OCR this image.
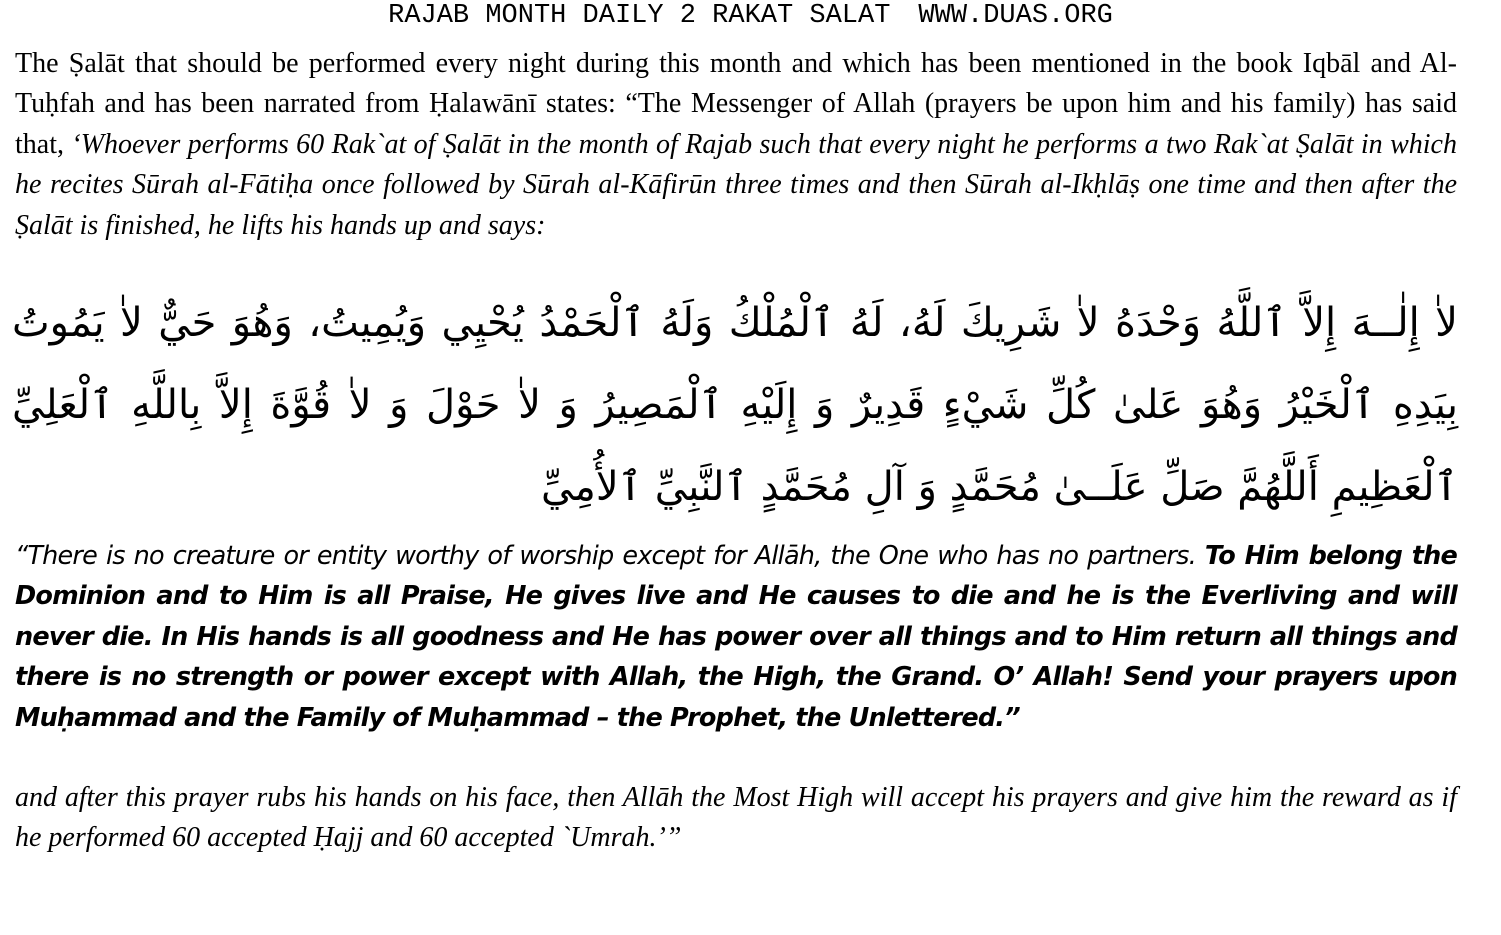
RAJAB MONTH DAILY 2 RAKAT SALAT WWW.DUAS.ORG
The Ṣalāt that should be performed every night during this month and which has been mentioned in the book Iqbāl and Al-Tuḥfah and has been narrated from Ḥalawānī states: “The Messenger of Allah (prayers be upon him and his family) has said that, ‘Whoever performs 60 Rak`at of Ṣalāt in the month of Rajab such that every night he performs a two Rak`at Ṣalāt in which he recites Sūrah al-Fātiḥa once followed by Sūrah al-Kāfirūn three times and then Sūrah al-Ikḥlāṣ one time and then after the Ṣalāt is finished, he lifts his hands up and says:
لاٰ إِلٰــهَ إِلاَّ ٱللَّهُ وَحْدَهُ لاٰ شَرِيكَ لَهُ، لَهُ ٱلْمُلْكُ وَلَهُ ٱلْحَمْدُ يُحْيِي وَيُمِيتُ، وَهُوَ حَيٌّ لاٰ يَمُوتُ بِيَدِهِ ٱلْخَيْرُ وَهُوَ عَلىٰ كُلِّ شَيْءٍ قَدِيرٌ وَ إِلَيْهِ ٱلْمَصِيرُ وَ لاٰ حَوْلَ وَ لاٰ قُوَّةَ إِلاَّ بِاللَّهِ ٱلْعَلِيِّ ٱلْعَظِيمِ أَللَّهُمَّ صَلِّ عَلَــىٰ مُحَمَّدٍ وَ آلِ مُحَمَّدٍ ٱلنَّبِيِّ ٱلأُمِيِّ
“There is no creature or entity worthy of worship except for Allāh, the One who has no partners. To Him belong the Dominion and to Him is all Praise, He gives live and He causes to die and he is the Everliving and will never die. In His hands is all goodness and He has power over all things and to Him return all things and there is no strength or power except with Allah, the High, the Grand. O’ Allah! Send your prayers upon Muḥammad and the Family of Muḥammad – the Prophet, the Unlettered.”
and after this prayer rubs his hands on his face, then Allāh the Most High will accept his prayers and give him the reward as if he performed 60 accepted Ḥajj and 60 accepted `Umrah.’”
